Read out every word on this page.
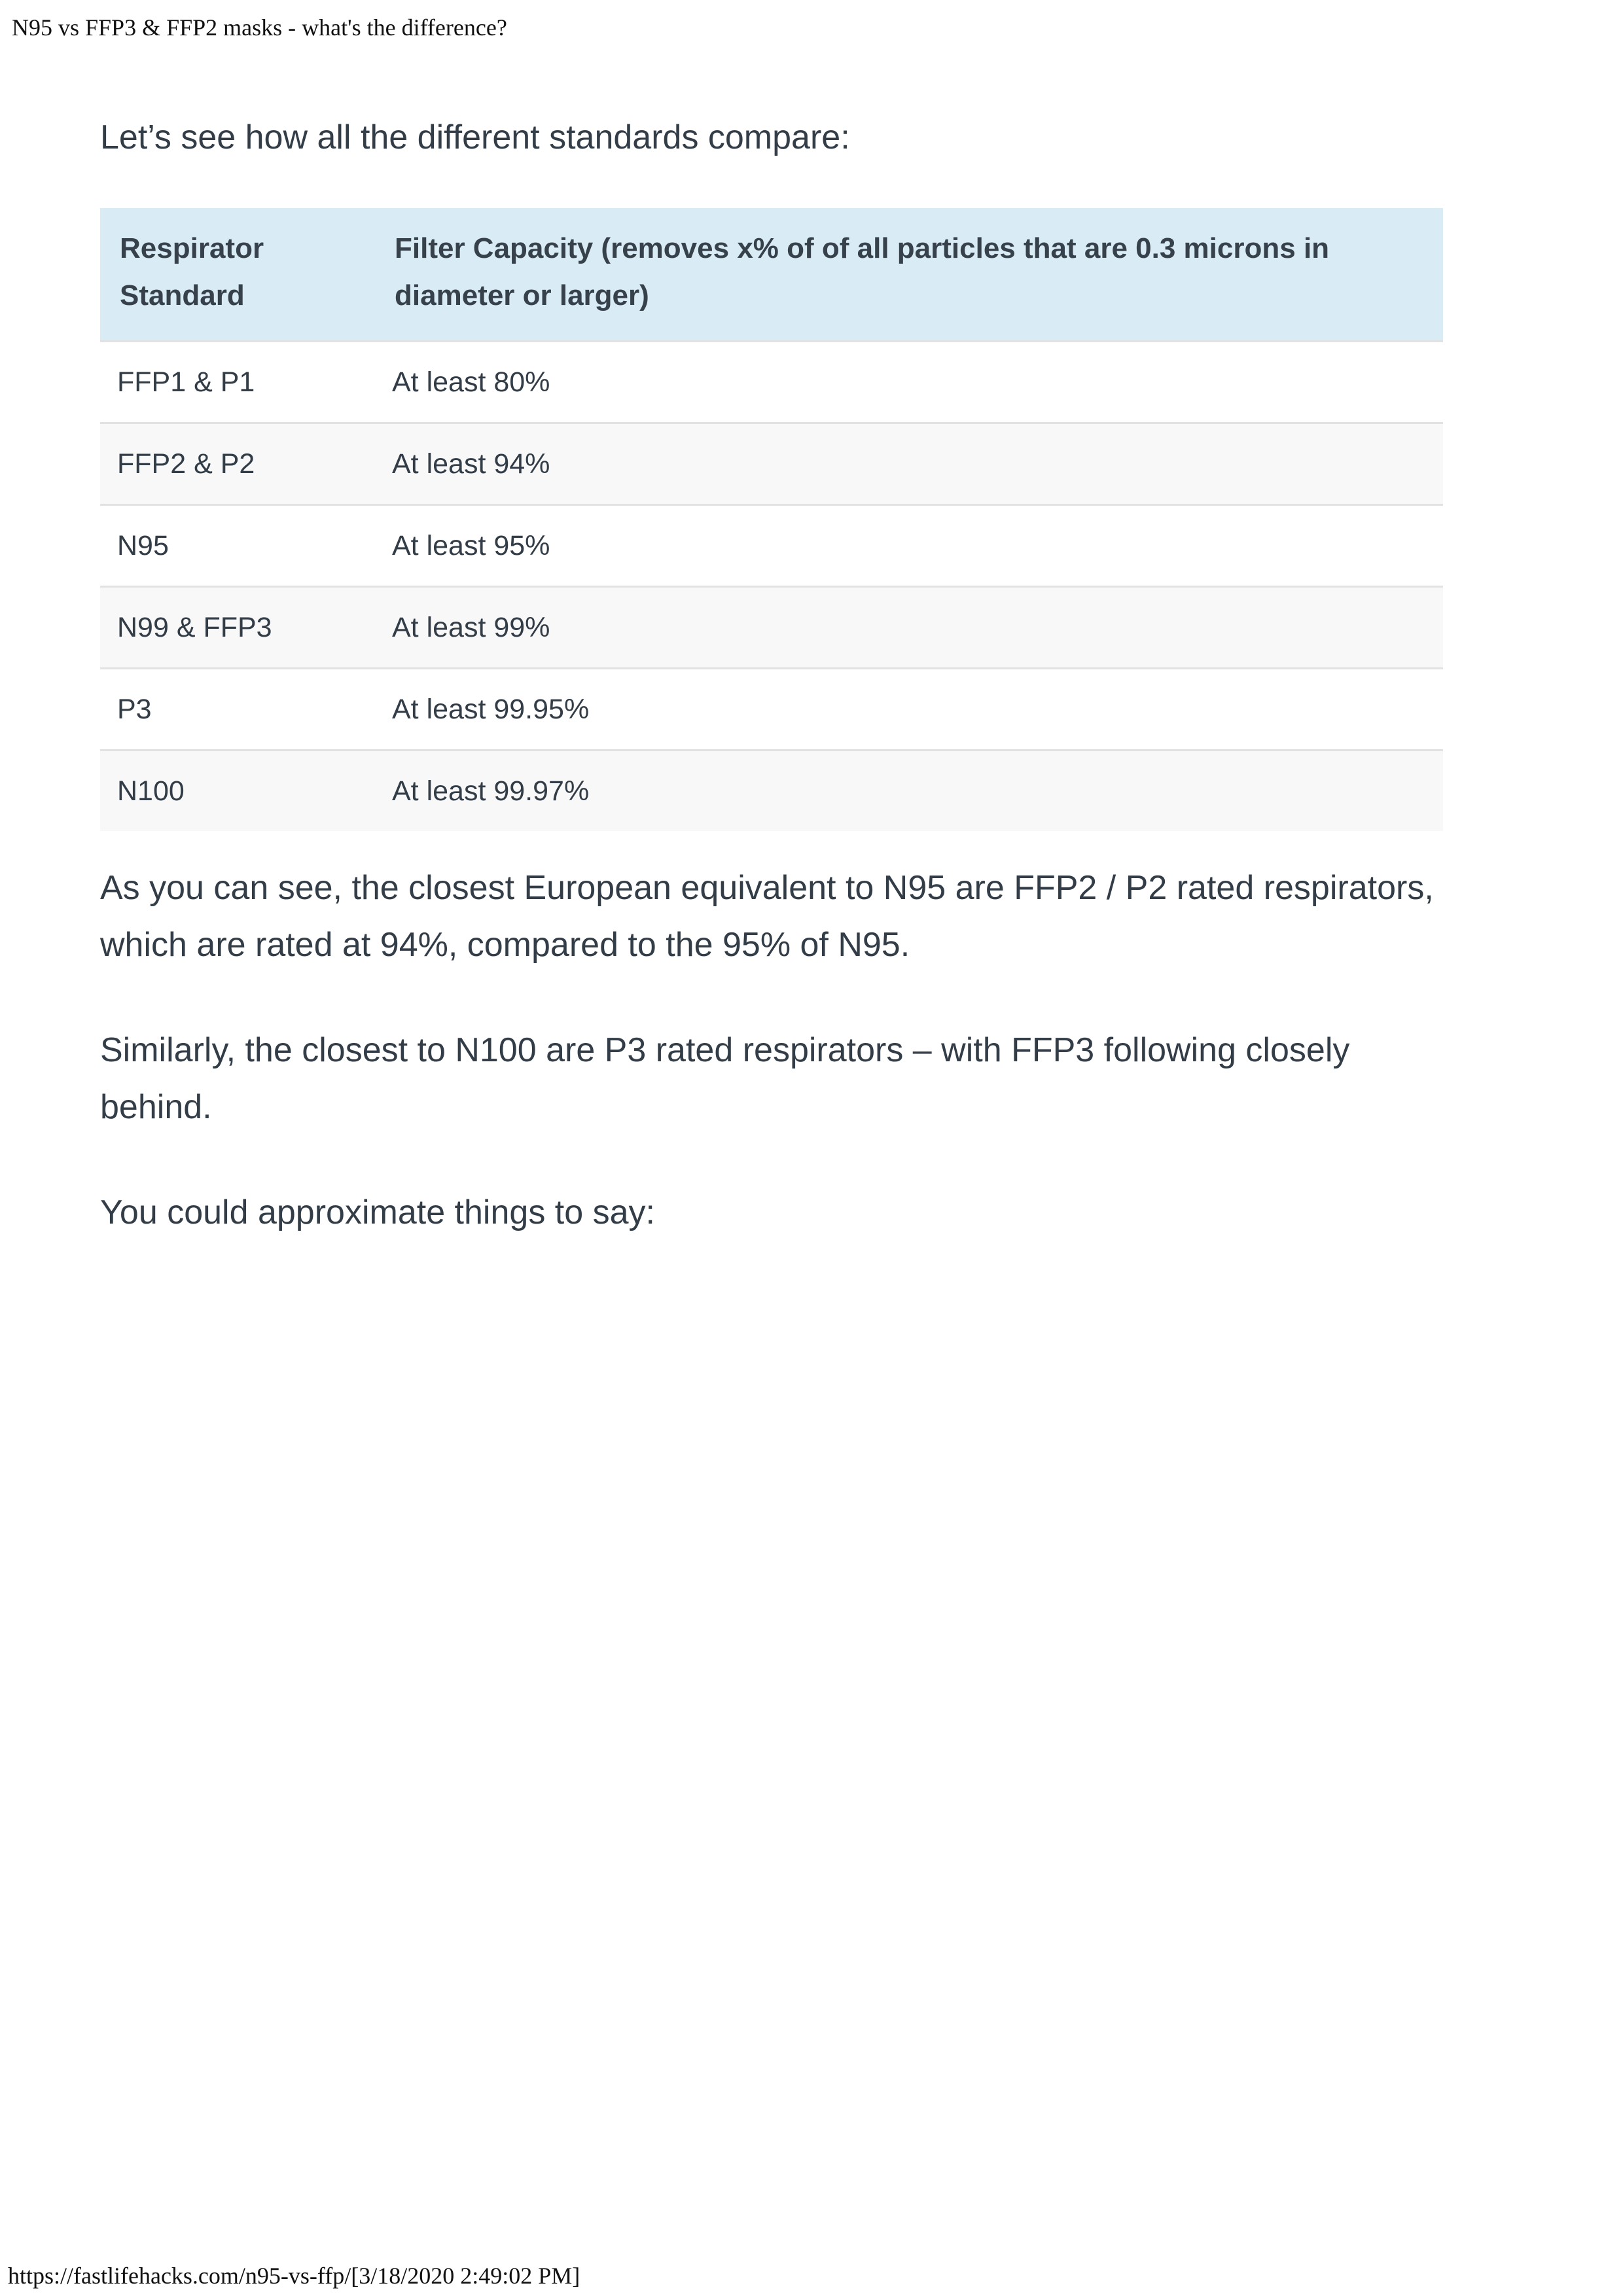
N95 vs FFP3 & FFP2 masks - what's the difference?

Let’s see how all the different standards compare:

Respirator Standard	Filter Capacity (removes x% of of all particles that are 0.3 microns in diameter or larger)
FFP1 & P1	At least 80%
FFP2 & P2	At least 94%
N95	At least 95%
N99 & FFP3	At least 99%
P3	At least 99.95%
N100	At least 99.97%

As you can see, the closest European equivalent to N95 are FFP2 / P2 rated respirators, which are rated at 94%, compared to the 95% of N95.

Similarly, the closest to N100 are P3 rated respirators – with FFP3 following closely behind.

You could approximate things to say:

https://fastlifehacks.com/n95-vs-ffp/[3/18/2020 2:49:02 PM]
